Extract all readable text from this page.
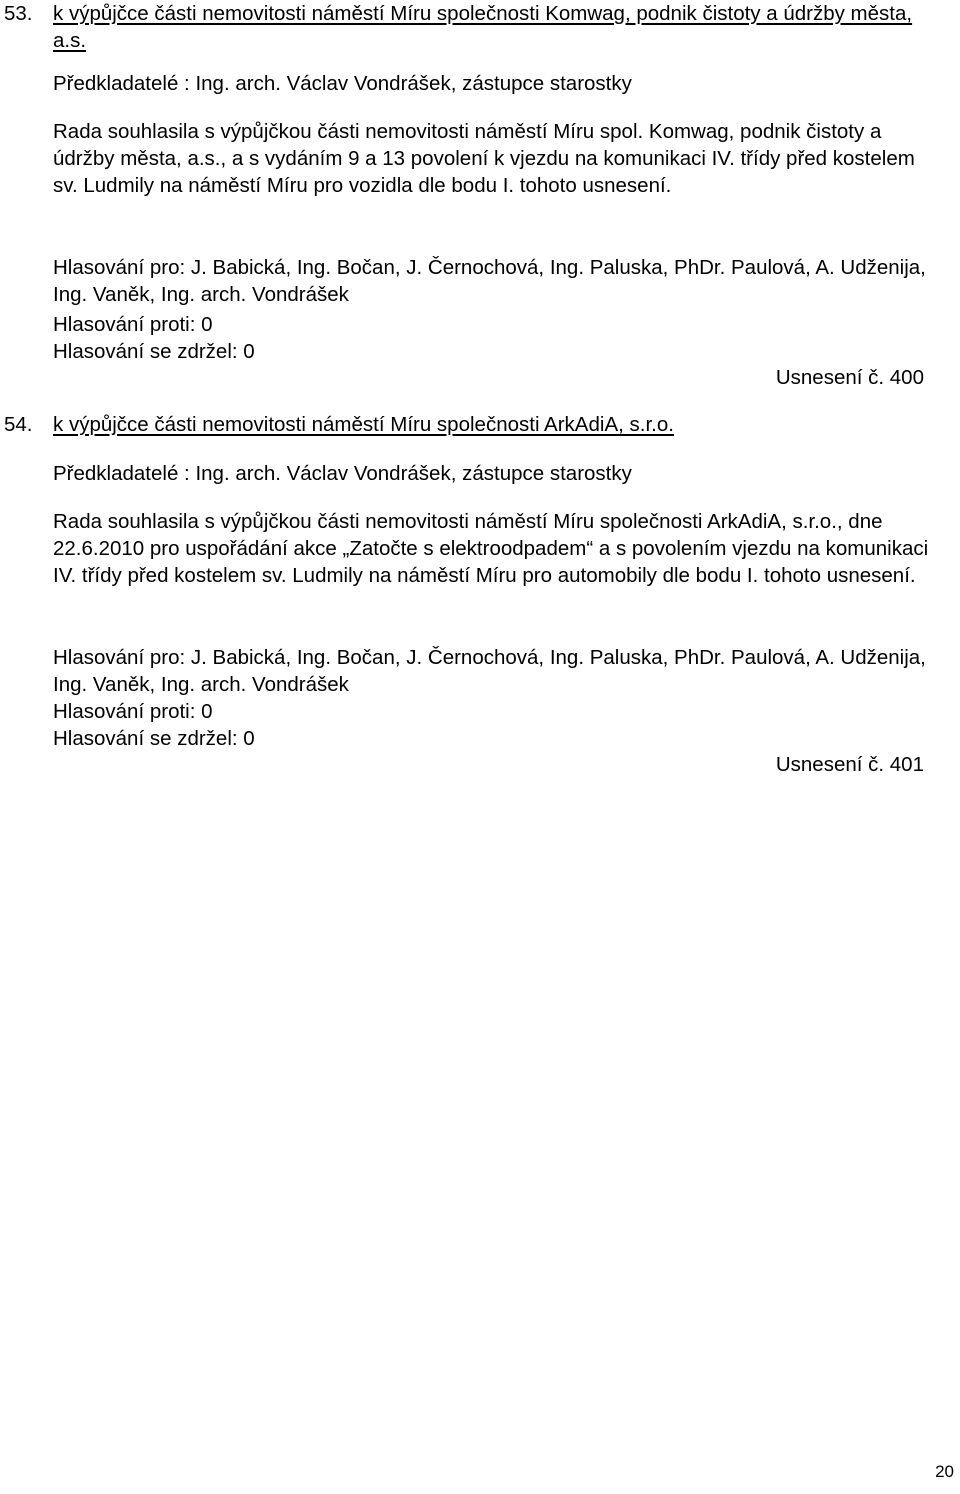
53. k výpůjčce části nemovitosti náměstí Míru společnosti Komwag, podnik čistoty a údržby města, a.s.

Předkladatelé : Ing. arch. Václav Vondrášek, zástupce starostky

Rada souhlasila s výpůjčkou části nemovitosti náměstí Míru spol. Komwag, podnik čistoty a údržby města, a.s., a s vydáním 9 a 13 povolení k vjezdu na komunikaci IV. třídy před kostelem sv. Ludmily na náměstí Míru pro vozidla dle bodu I. tohoto usnesení.

Hlasování pro: J. Babická, Ing. Bočan, J. Černochová, Ing. Paluska, PhDr. Paulová, A. Udženija, Ing. Vaněk, Ing. arch. Vondrášek

Hlasování proti: 0

Hlasování se zdržel: 0

Usnesení č. 400
54. k výpůjčce části nemovitosti náměstí Míru společnosti ArkAdiA, s.r.o.

Předkladatelé : Ing. arch. Václav Vondrášek, zástupce starostky

Rada souhlasila s výpůjčkou části nemovitosti náměstí Míru společnosti ArkAdiA, s.r.o., dne 22.6.2010 pro uspořádání akce „Zatočte s elektroodpadem“ a s povolením vjezdu na komunikaci IV. třídy před kostelem sv. Ludmily na náměstí Míru pro automobily dle bodu I. tohoto usnesení.

Hlasování pro: J. Babická, Ing. Bočan, J. Černochová, Ing. Paluska, PhDr. Paulová, A. Udženija, Ing. Vaněk, Ing. arch. Vondrášek

Hlasování proti: 0

Hlasování se zdržel: 0

Usnesení č. 401
20
